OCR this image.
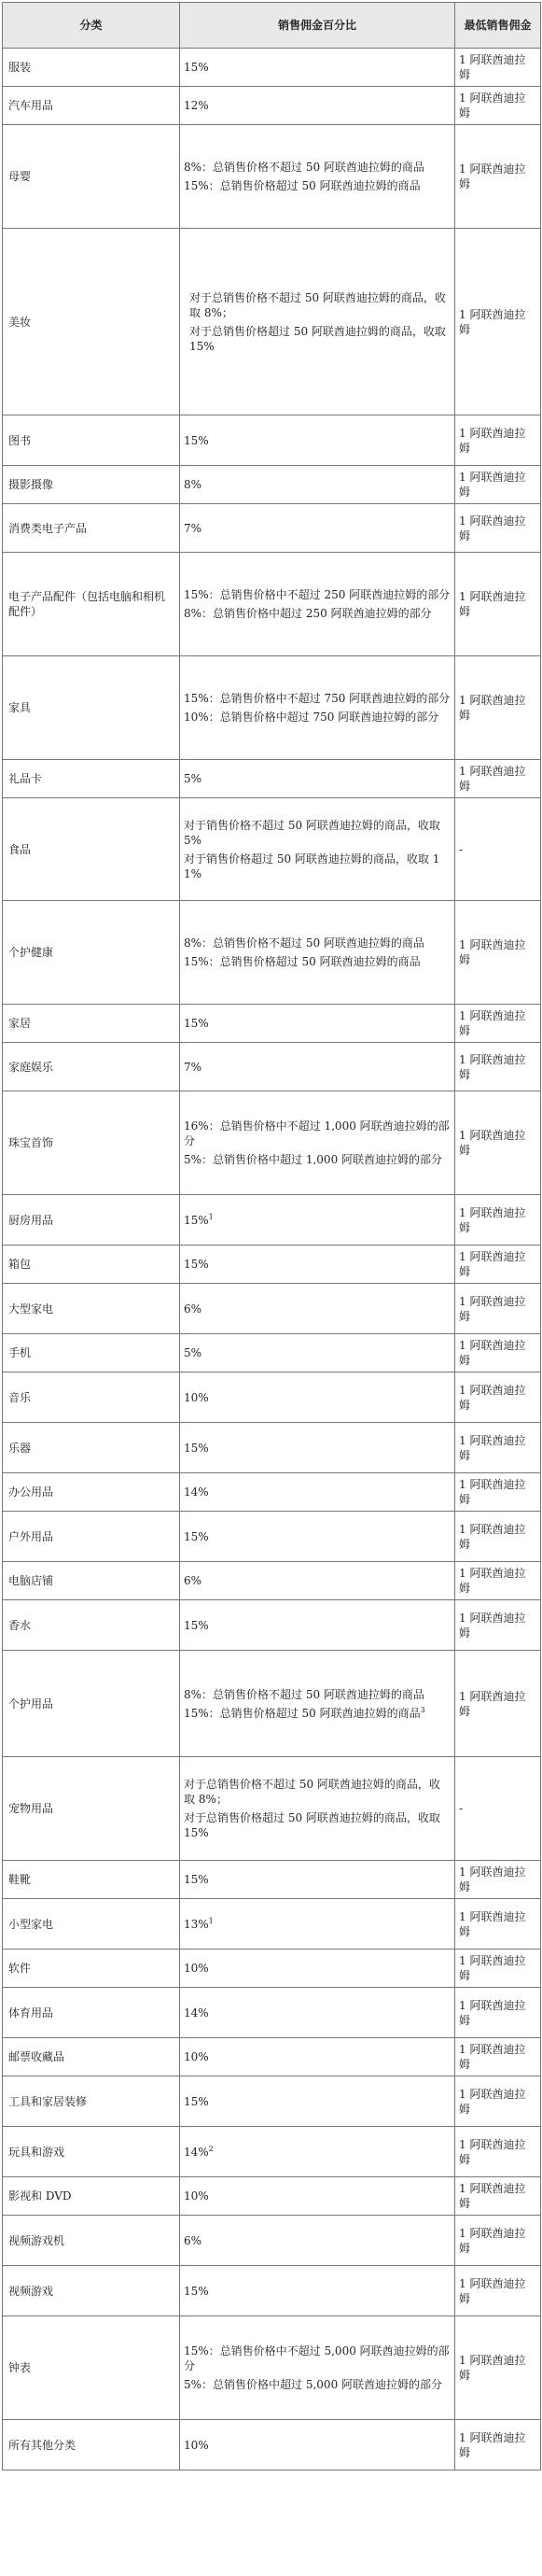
分类	销售佣金百分比	最低销售佣金
服装	15%	1 阿联酋迪拉姆
汽车用品	12%	1 阿联酋迪拉姆
母婴	8%：总销售价格不超过 50 阿联酋迪拉姆的商品
15%：总销售价格超过 50 阿联酋迪拉姆的商品	1 阿联酋迪拉姆
美妆	对于总销售价格不超过 50 阿联酋迪拉姆的商品，收取 8%；
对于总销售价格超过 50 阿联酋迪拉姆的商品，收取 15%	1 阿联酋迪拉姆
图书	15%	1 阿联酋迪拉姆
摄影摄像	8%	1 阿联酋迪拉姆
消费类电子产品	7%	1 阿联酋迪拉姆
电子产品配件（包括电脑和相机配件）	15%：总销售价格中不超过 250 阿联酋迪拉姆的部分
8%：总销售价格中超过 250 阿联酋迪拉姆的部分	1 阿联酋迪拉姆
家具	15%：总销售价格中不超过 750 阿联酋迪拉姆的部分
10%：总销售价格中超过 750 阿联酋迪拉姆的部分	1 阿联酋迪拉姆
礼品卡	5%	1 阿联酋迪拉姆
食品	对于销售价格不超过 50 阿联酋迪拉姆的商品，收取 5%
对于销售价格超过 50 阿联酋迪拉姆的商品，收取 11%	-
个护健康	8%：总销售价格不超过 50 阿联酋迪拉姆的商品
15%：总销售价格超过 50 阿联酋迪拉姆的商品	1 阿联酋迪拉姆
家居	15%	1 阿联酋迪拉姆
家庭娱乐	7%	1 阿联酋迪拉姆
珠宝首饰	16%：总销售价格中不超过 1,000 阿联酋迪拉姆的部分
5%：总销售价格中超过 1,000 阿联酋迪拉姆的部分	1 阿联酋迪拉姆
厨房用品	15%$^1$	1 阿联酋迪拉姆
箱包	15%	1 阿联酋迪拉姆
大型家电	6%	1 阿联酋迪拉姆
手机	5%	1 阿联酋迪拉姆
音乐	10%	1 阿联酋迪拉姆
乐器	15%	1 阿联酋迪拉姆
办公用品	14%	1 阿联酋迪拉姆
户外用品	15%	1 阿联酋迪拉姆
电脑店铺	6%	1 阿联酋迪拉姆
香水	15%	1 阿联酋迪拉姆
个护用品	8%：总销售价格不超过 50 阿联酋迪拉姆的商品
15%：总销售价格超过 50 阿联酋迪拉姆的商品$^3$	1 阿联酋迪拉姆
宠物用品	对于总销售价格不超过 50 阿联酋迪拉姆的商品，收取 8%；
对于总销售价格超过 50 阿联酋迪拉姆的商品，收取 15%	-
鞋靴	15%	1 阿联酋迪拉姆
小型家电	13%$^1$	1 阿联酋迪拉姆
软件	10%	1 阿联酋迪拉姆
体育用品	14%	1 阿联酋迪拉姆
邮票收藏品	10%	1 阿联酋迪拉姆
工具和家居装修	15%	1 阿联酋迪拉姆
玩具和游戏	14%$^2$	1 阿联酋迪拉姆
影视和 DVD	10%	1 阿联酋迪拉姆
视频游戏机	6%	1 阿联酋迪拉姆
视频游戏	15%	1 阿联酋迪拉姆
钟表	15%：总销售价格中不超过 5,000 阿联酋迪拉姆的部分
5%：总销售价格中超过 5,000 阿联酋迪拉姆的部分	1 阿联酋迪拉姆
所有其他分类	10%	1 阿联酋迪拉姆
